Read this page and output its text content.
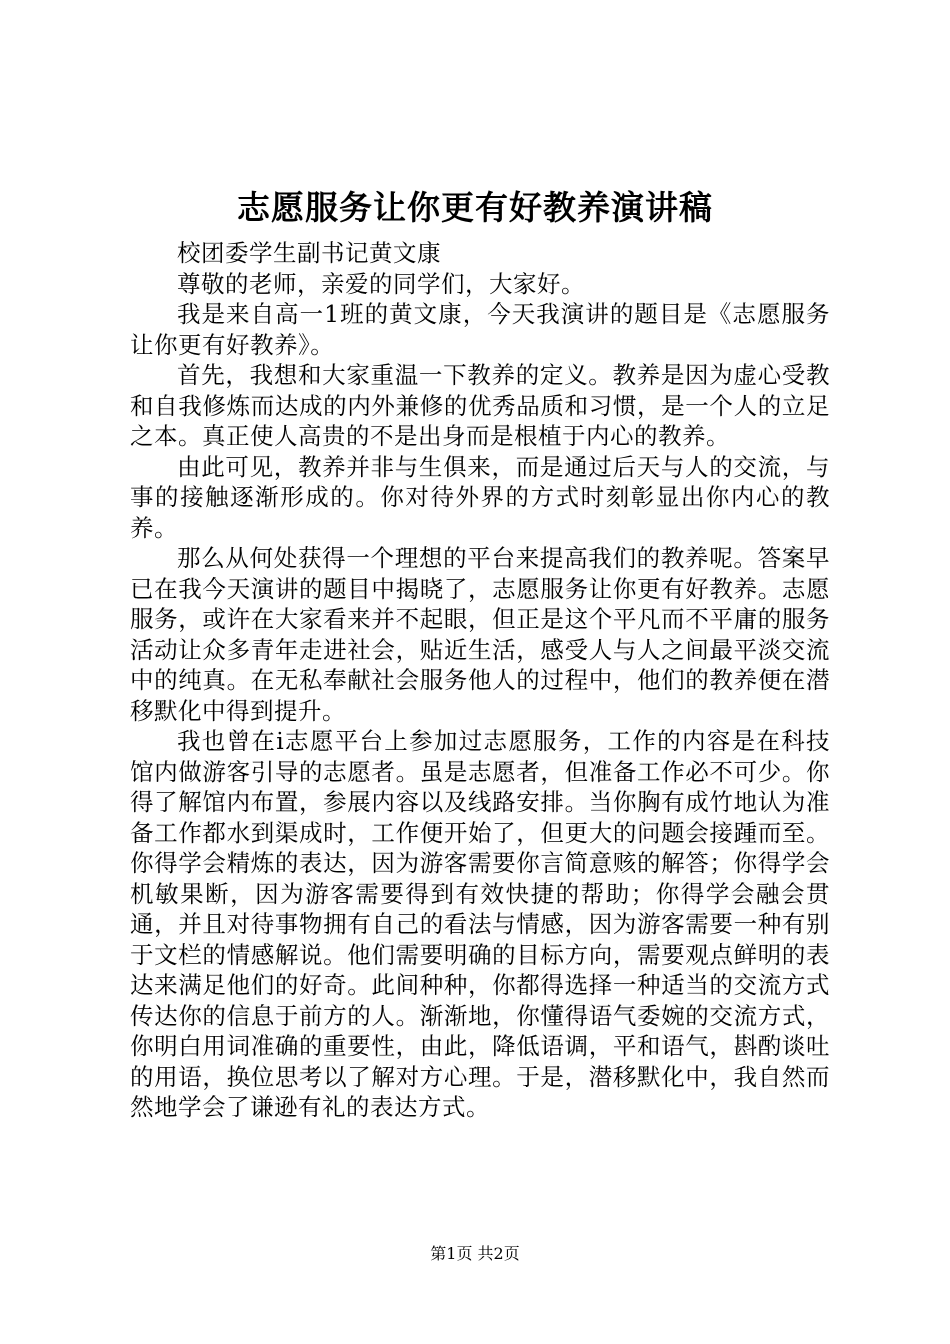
志愿服务让你更有好教养演讲稿

校团委学生副书记黄文康

尊敬的老师，亲爱的同学们，大家好。

我是来自高一1班的黄文康，今天我演讲的题目是《志愿服务让你更有好教养》。

首先，我想和大家重温一下教养的定义。教养是因为虚心受教和自我修炼而达成的内外兼修的优秀品质和习惯，是一个人的立足之本。真正使人高贵的不是出身而是根植于内心的教养。

由此可见，教养并非与生俱来，而是通过后天与人的交流，与事的接触逐渐形成的。你对待外界的方式时刻彰显出你内心的教养。

那么从何处获得一个理想的平台来提高我们的教养呢。答案早已在我今天演讲的题目中揭晓了，志愿服务让你更有好教养。志愿服务，或许在大家看来并不起眼，但正是这个平凡而不平庸的服务活动让众多青年走进社会，贴近生活，感受人与人之间最平淡交流中的纯真。在无私奉献社会服务他人的过程中，他们的教养便在潜移默化中得到提升。

我也曾在i志愿平台上参加过志愿服务，工作的内容是在科技馆内做游客引导的志愿者。虽是志愿者，但准备工作必不可少。你得了解馆内布置，参展内容以及线路安排。当你胸有成竹地认为准备工作都水到渠成时，工作便开始了，但更大的问题会接踵而至。你得学会精炼的表达，因为游客需要你言简意赅的解答；你得学会机敏果断，因为游客需要得到有效快捷的帮助；你得学会融会贯通，并且对待事物拥有自己的看法与情感，因为游客需要一种有别于文栏的情感解说。他们需要明确的目标方向，需要观点鲜明的表达来满足他们的好奇。此间种种，你都得选择一种适当的交流方式传达你的信息于前方的人。渐渐地，你懂得语气委婉的交流方式，你明白用词准确的重要性，由此，降低语调，平和语气，斟酌谈吐的用语，换位思考以了解对方心理。于是，潜移默化中，我自然而然地学会了谦逊有礼的表达方式。

第1页 共2页
